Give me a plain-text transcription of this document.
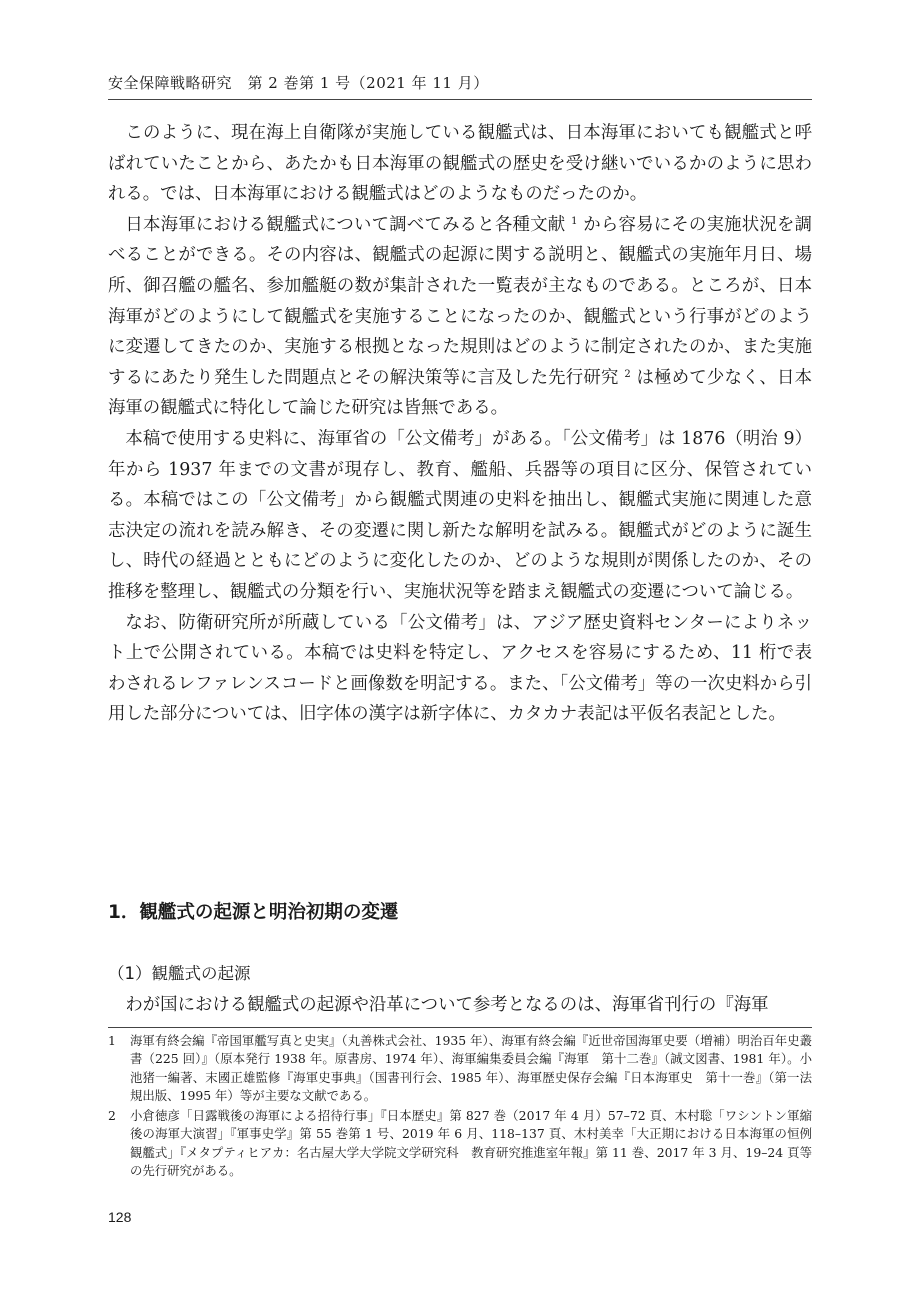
安全保障戦略研究　第 2 巻第 1 号（2021 年 11 月）

このように、現在海上自衛隊が実施している観艦式は、日本海軍においても観艦式と呼ばれていたことから、あたかも日本海軍の観艦式の歴史を受け継いでいるかのように思われる。では、日本海軍における観艦式はどのようなものだったのか。

日本海軍における観艦式について調べてみると各種文献 $^1$ から容易にその実施状況を調べることができる。その内容は、観艦式の起源に関する説明と、観艦式の実施年月日、場所、御召艦の艦名、参加艦艇の数が集計された一覧表が主なものである。ところが、日本海軍がどのようにして観艦式を実施することになったのか、観艦式という行事がどのように変遷してきたのか、実施する根拠となった規則はどのように制定されたのか、また実施するにあたり発生した問題点とその解決策等に言及した先行研究 $^2$ は極めて少なく、日本海軍の観艦式に特化して論じた研究は皆無である。

本稿で使用する史料に、海軍省の「公文備考」がある。「公文備考」は 1876（明治 9）年から 1937 年までの文書が現存し、教育、艦船、兵器等の項目に区分、保管されている。本稿ではこの「公文備考」から観艦式関連の史料を抽出し、観艦式実施に関連した意志決定の流れを読み解き、その変遷に関し新たな解明を試みる。観艦式がどのように誕生し、時代の経過とともにどのように変化したのか、どのような規則が関係したのか、その推移を整理し、観艦式の分類を行い、実施状況等を踏まえ観艦式の変遷について論じる。

なお、防衛研究所が所蔵している「公文備考」は、アジア歴史資料センターによりネット上で公開されている。本稿では史料を特定し、アクセスを容易にするため、11 桁で表わされるレファレンスコードと画像数を明記する。また、「公文備考」等の一次史料から引用した部分については、旧字体の漢字は新字体に、カタカナ表記は平仮名表記とした。

1．観艦式の起源と明治初期の変遷
（1）観艦式の起源

わが国における観艦式の起源や沿革について参考となるのは、海軍省刊行の『海軍

1	海軍有終会編『帝国軍艦写真と史実』（丸善株式会社、1935 年）、海軍有終会編『近世帝国海軍史要（増補）明治百年史叢書（225 回）』（原本発行 1938 年。原書房、1974 年）、海軍編集委員会編『海軍　第十二巻』（誠文図書、1981 年）。小池猪一編著、末國正雄監修『海軍史事典』（国書刊行会、1985 年）、海軍歴史保存会編『日本海軍史　第十一巻』（第一法規出版、1995 年）等が主要な文献である。
2	小倉徳彦「日露戦後の海軍による招待行事」『日本歴史』第 827 巻（2017 年 4 月）57–72 頁、木村聡「ワシントン軍縮後の海軍大演習」『軍事史学』第 55 巻第 1 号、2019 年 6 月、118–137 頁、木村美幸「大正期における日本海軍の恒例観艦式」『メタプティヒアカ：名古屋大学大学院文学研究科　教育研究推進室年報』第 11 巻、2017 年 3 月、19–24 頁等の先行研究がある。
128
